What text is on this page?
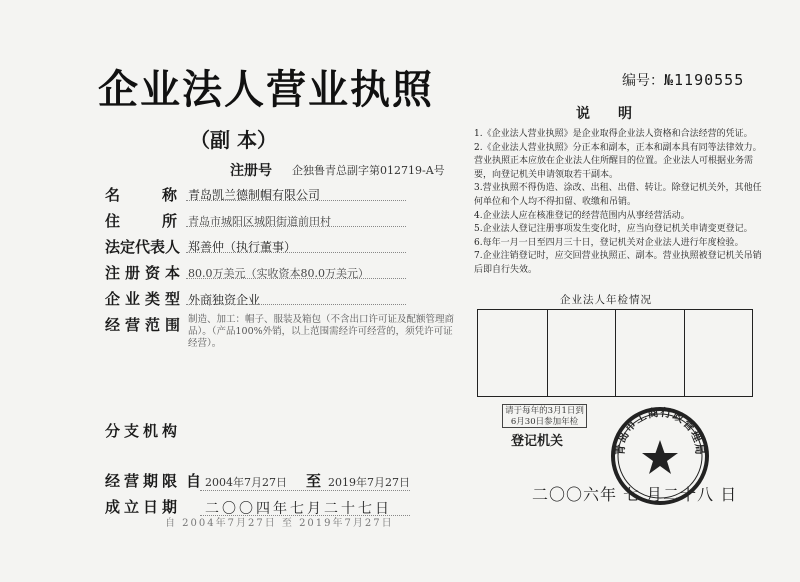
企业法人营业执照
（副 本）
编号：№1190555
注册号 企独鲁青总副字第012719-A号
名称
青岛凯兰德制帽有限公司
住所
青岛市城阳区城阳街道前田村
法定代表人 郑善仲（执行董事）
注册资本 80.0万美元（实收资本80.0万美元）
企业类型 外商独资企业
经营范围 制造、加工：帽子、服装及箱包（不含出口许可证及配额管理商品）。（产品100%外销，以上范围需经许可经营的，须凭许可证经营）。
分支机构
经营期限 自 2004年7月27日 至 2019年7月27日
成立日期 二〇〇四年七月二十七日
自 2004年7月27日 至 2019年7月27日
说明
1.《企业法人营业执照》是企业取得企业法人资格和合法经营的凭证。
2.《企业法人营业执照》分正本和副本，正本和副本具有同等法律效力。营业执照正本应放在企业法人住所醒目的位置。企业法人可根据业务需要，向登记机关申请领取若干副本。
3.营业执照不得伪造、涂改、出租、出借、转让。除登记机关外，其他任何单位和个人均不得扣留、收缴和吊销。
4.企业法人应在核准登记的经营范围内从事经营活动。
5.企业法人登记注册事项发生变化时，应当向登记机关申请变更登记。
6.每年一月一日至四月三十日，登记机关对企业法人进行年度检验。
7.企业注销登记时，应交回营业执照正、副本。营业执照被登记机关吊销后即自行失效。
企业法人年检情况
请于每年的3月1日到6月30日参加年检
登记机关
二〇〇六年 七 月二十八 日
青岛市工商行政管理局
